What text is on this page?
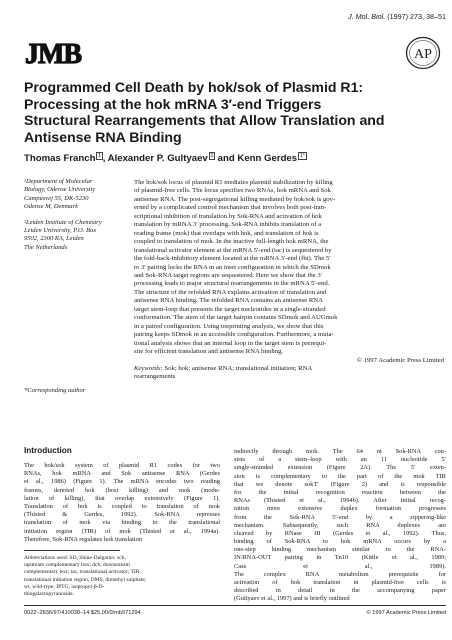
J. Mol. Biol. (1997) 273, 38–51
JMB	AP
Programmed Cell Death by hok/sok of Plasmid R1:
Processing at the hok mRNA 3′-end Triggers
Structural Rearrangements that Allow Translation and
Antisense RNA Binding
Thomas Franch 1 , Alexander P. Gultyaev 2 and Kenn Gerdes 1*
¹Department of Molecular
Biology, Odense University
Campusvej 55, DK-5230
Odense M, Denmark
²Leiden Institute of Chemistry
Leiden University, P.O. Box
9502, 2300 RA, Leiden
The Netherlands
*Corresponding author
The hok/sok locus of plasmid R1 mediates plasmid stabilization by killing
of plasmid-free cells. The locus specifies two RNAs, hok mRNA and Sok
antisense RNA. The post-segregational killing mediated by hok/sok is gov-
erned by a complicated control mechanism that involves both post-tran-
scriptional inhibition of translation by Sok-RNA and activation of hok
translation by mRNA 3′ processing. Sok-RNA inhibits translation of a
reading frame (mok) that overlaps with hok, and translation of hok is
coupled to translation of mok. In the inactive full-length hok mRNA, the
translational activator element at the mRNA 5′-end (tac) is sequestered by
the fold-back-inhibitory element located at the mRNA 3′-end (fbi). The 5′
to 3′ pairing locks the RNA in an inert configuration in which the SDmok
and Sok-RNA target regions are sequestered. Here we show that the 3′
processing leads to major structural rearrangements in the mRNA 5′-end.
The structure of the refolded RNA explains activation of translation and
antisense RNA binding. The refolded RNA contains an antisense RNA
target stem-loop that presents the target nucleotides in a single-stranded
conformation. The stem of the target hairpin contains SDmok and AUGmok
in a paired configuration. Using toeprinting analysis, we show that this
pairing keeps SDmok in an accessible configuration. Furthermore, a muta-
tional analysis shows that an internal loop in the target stem is prerequi-
site for efficient translation and antisense RNA binding.
© 1997 Academic Press Limited
Keywords: Sok; hok; antisense RNA; translational initiation; RNA
rearrangements
Introduction
The hok/sok system of plasmid R1 codes for two
RNAs, hok mRNA and Sok antisense RNA (Gerdes
et al., 1986) (Figure 1). The mRNA encodes two reading
frames, denoted hok (host killing) and mok (modu-
lation of killing), that overlap extensively (Figure 1).
Translation of hok is coupled to translation of mok
(Thisted & Gerdes, 1992). Sok-RNA represses
translation of mok via binding to the translational
initiation region (TIR) of mok (Thisted et al., 1994a).
Therefore, Sok-RNA regulates hok translation
Abbreviations used: SD, Shine-Dalgarno; scb,
upstream complementary box; dcb, downstream
complementary box; tac, translational activator; TIR,
translational initiation region; DMS, dimethyl sulphate;
wt, wild-type; IPTG, isopropyl-β-D-
thiogalactopyranoside.
indirectly through mok. The 64 nt Sok-RNA con-
sists of a stem–loop with an 11 nucleotide 5′
single-stranded extension (Figure 2A). The 5′ exten-
sion is complementary to the part of the mok TIR
that we denote sokT′ (Figure 2) and is responsible
for the initial recognition reaction between the
RNAs (Thisted et al., 1994b). After initial recog-
nition more extensive duplex formation progresses
from the Sok-RNA 5′-end by a zippering-like
mechanism. Subsequently, such RNA duplexes are
cleaved by RNase III (Gerdes et al., 1992). Thus,
binding of Sok-RNA to hok mRNA occurs by a
one-step binding mechanism similar to the RNA-
IN/RNA-OUT pairing in Tn10 (Kittle et al., 1989;
Case et al., 1989).
The complex RNA metabolism prerequisite for
activation of hok translation in plasmid-free cells is
described in detail in the accompanying paper
(Gultyaev et al., 1997) and is briefly outlined
0022–2836/97/410038–14 $25.00/0/mb971294	© 1997 Academic Press Limited
